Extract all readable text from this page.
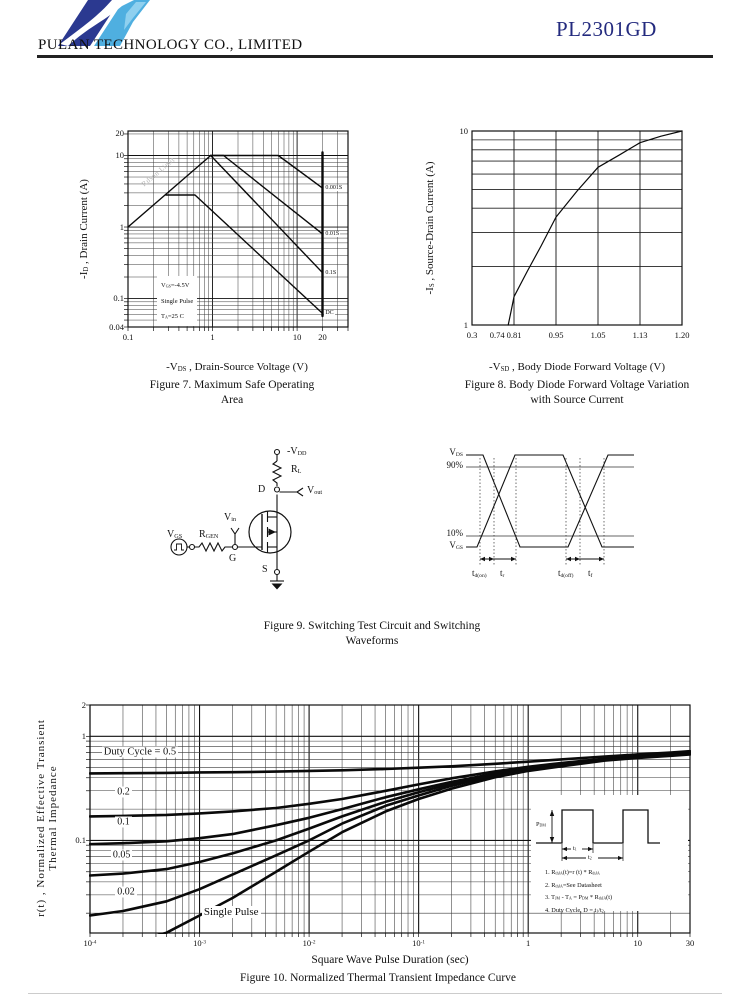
PULAN TECHNOLOGY CO., LIMITED
PL2301GD
0.1	1	10 20
20
10
1
0.1
0.04
$-I_D$ , Drain Current (A)
Rdson Limit
$V_{GS}=-4.5V$
Single Pulse
$T_A=25$ C
0.001S
0.01S
0.1S
DC
$-V_{DS}$ , Drain-Source Voltage (V)
Figure 7. Maximum Safe Operating
Area
0.3 0.74 0.81	0.95	1.05	1.13	1.20
10
1
$-I_S$ , Source-Drain Current (A)
$-V_{SD}$ , Body Diode Forward Voltage (V)
Figure 8. Body Diode Forward Voltage Variation
with Source Current
$-V_{DD}$
$R_L$
D	$V_{out}$
$V_{in}$
$V_{GS}$ $R_{GEN}$
G
S
$V_{DS}$
90%
10%
$V_{GS}$
$t_{d(on)}$ $t_r$	$t_{d(off)}$ $t_f$
Figure 9. Switching Test Circuit and Switching
Waveforms
$10^{-4}$	$10^{-3}$	$10^{-2}$	$10^{-1}$	1	10	30
2
1
0.1
r(t) , Normalized Effective Transient Thermal Impedance
Duty Cycle = 0.5
0.2
0.1
0.05
0.02
Single Pulse
$P_{DM}$
$t_1$
$t_2$
1. $R_{thJA}(t)=r$ $(t) * R_{thJA}$
2. $R_{thJA}=See$ Datasheet
3. $T_{JM} - T_A = P_{DM} * R_{thJA}(t)$
4. Duty Cycle, $D = t_1/t_2$
Square Wave Pulse Duration (sec)
Figure 10. Normalized Thermal Transient Impedance Curve
